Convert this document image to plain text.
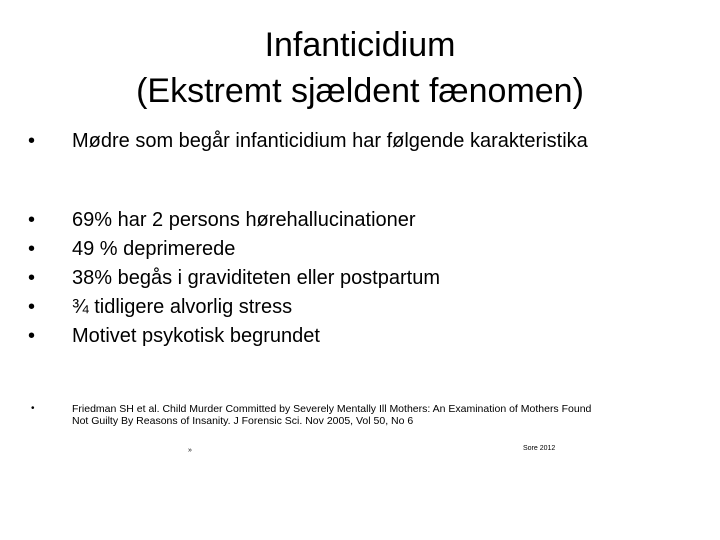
Infanticidium
(Ekstremt sjældent fænomen)
• Mødre som begår infanticidium har følgende karakteristika
• 69% har 2 persons hørehallucinationer
• 49 % deprimerede
• 38% begås i graviditeten eller postpartum
• ¾ tidligere alvorlig stress
• Motivet psykotisk begrundet
•	Friedman SH et al. Child Murder Committed by Severely Mentally Ill Mothers: An Examination of Mothers Found
Not Guilty By Reasons of Insanity. J Forensic Sci. Nov 2005, Vol 50, No 6
»	Sore 2012
